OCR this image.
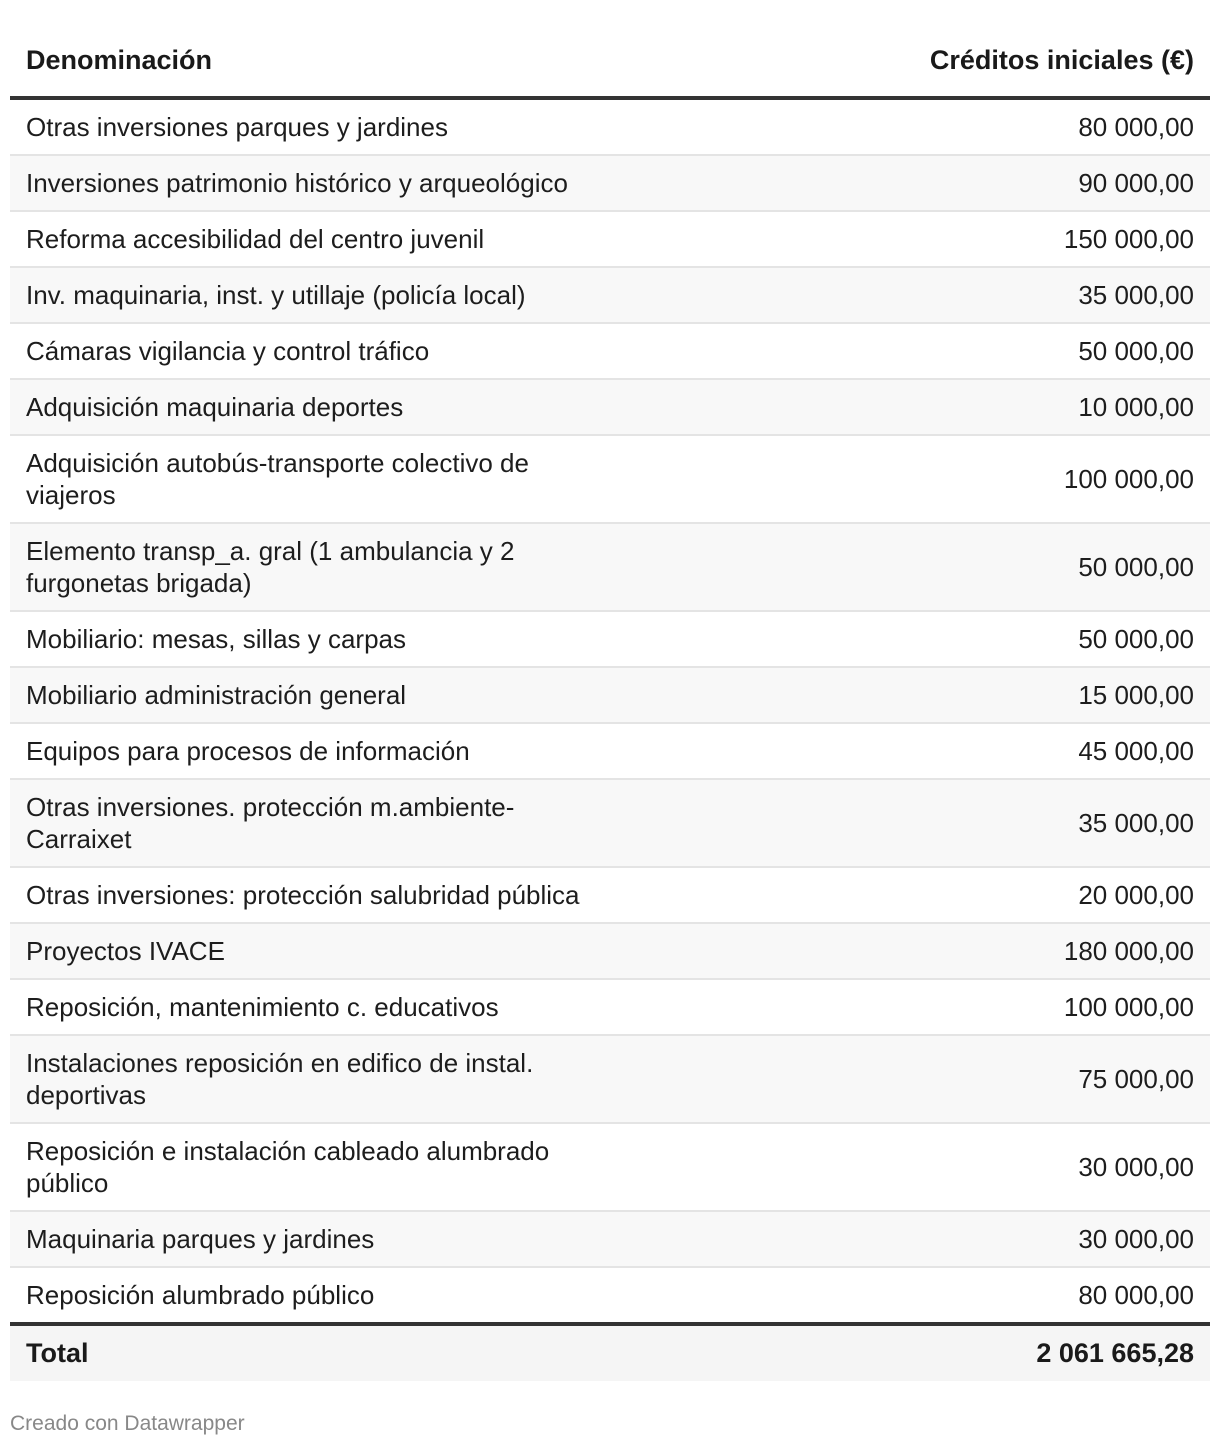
Denominación	Créditos iniciales (€)

Otras inversiones parques y jardines	80 000,00

Inversiones patrimonio histórico y arqueológico	90 000,00

Reforma accesibilidad del centro juvenil	150 000,00

Inv. maquinaria, inst. y utillaje (policía local)	35 000,00

Cámaras vigilancia y control tráfico	50 000,00

Adquisición maquinaria deportes	10 000,00

Adquisición autobús-transporte colectivo de viajeros	100 000,00

Elemento transp_a. gral (1 ambulancia y 2 furgonetas brigada)	50 000,00

Mobiliario: mesas, sillas y carpas	50 000,00

Mobiliario administración general	15 000,00

Equipos para procesos de información	45 000,00

Otras inversiones. protección m.ambiente-Carraixet	35 000,00

Otras inversiones: protección salubridad pública	20 000,00

Proyectos IVACE	180 000,00

Reposición, mantenimiento c. educativos	100 000,00

Instalaciones reposición en edifico de instal. deportivas	75 000,00

Reposición e instalación cableado alumbrado público	30 000,00

Maquinaria parques y jardines	30 000,00

Reposición alumbrado público	80 000,00
Total	2 061 665,28
Creado con Datawrapper
